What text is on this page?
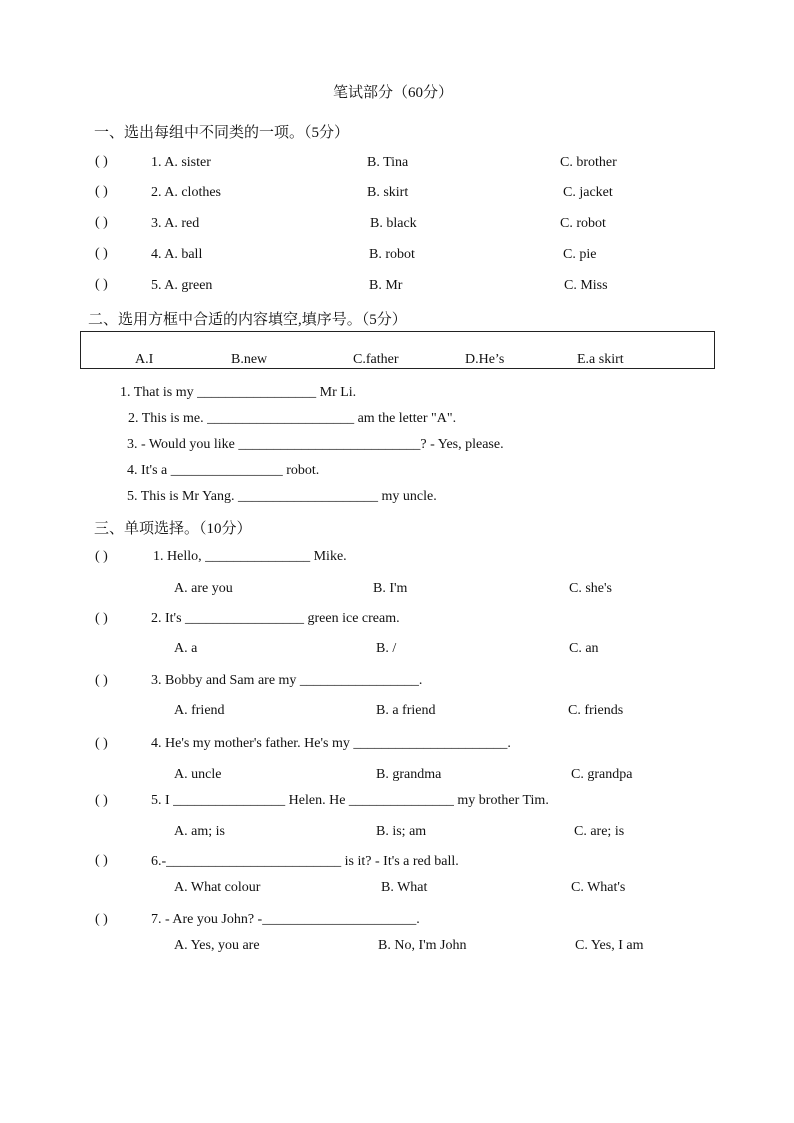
笔试部分（60分）
一、选出每组中不同类的一项。（5分）
( )	1. A. sister	B. Tina	C. brother
( )	2. A. clothes	B. skirt	C. jacket
( )	3. A. red	B. black	C. robot
( )	4. A. ball	B. robot	C. pie
( )	5. A. green	B. Mr	C. Miss
二、选用方框中合适的内容填空,填序号。（5分）
A.I	B.new	C.father	D.He’s	E.a skirt
1. That is my _________________ Mr Li.
2. This is me. _____________________ am the letter "A".
3. - Would you like __________________________? - Yes, please.
4. It's a ________________ robot.
5. This is Mr Yang. ____________________ my uncle.
三、单项选择。（10分）
( )	1. Hello, _______________ Mike.
A. are you	B. I'm	C. she's
( )	2. It's _________________ green ice cream.
A. a	B. /	C. an
( )	3. Bobby and Sam are my _________________.
A. friend	B. a friend	C. friends
( )	4. He's my mother's father. He's my ______________________.
A. uncle	B. grandma	C. grandpa
( )	5. I ________________ Helen. He _______________ my brother Tim.
A. am; is	B. is; am	C. are; is
( )	6.-_________________________ is it? - It's a red ball.
A. What colour	B. What	C. What's
( )	7. - Are you John? -______________________.
A. Yes, you are	B. No, I'm John	C. Yes, I am
